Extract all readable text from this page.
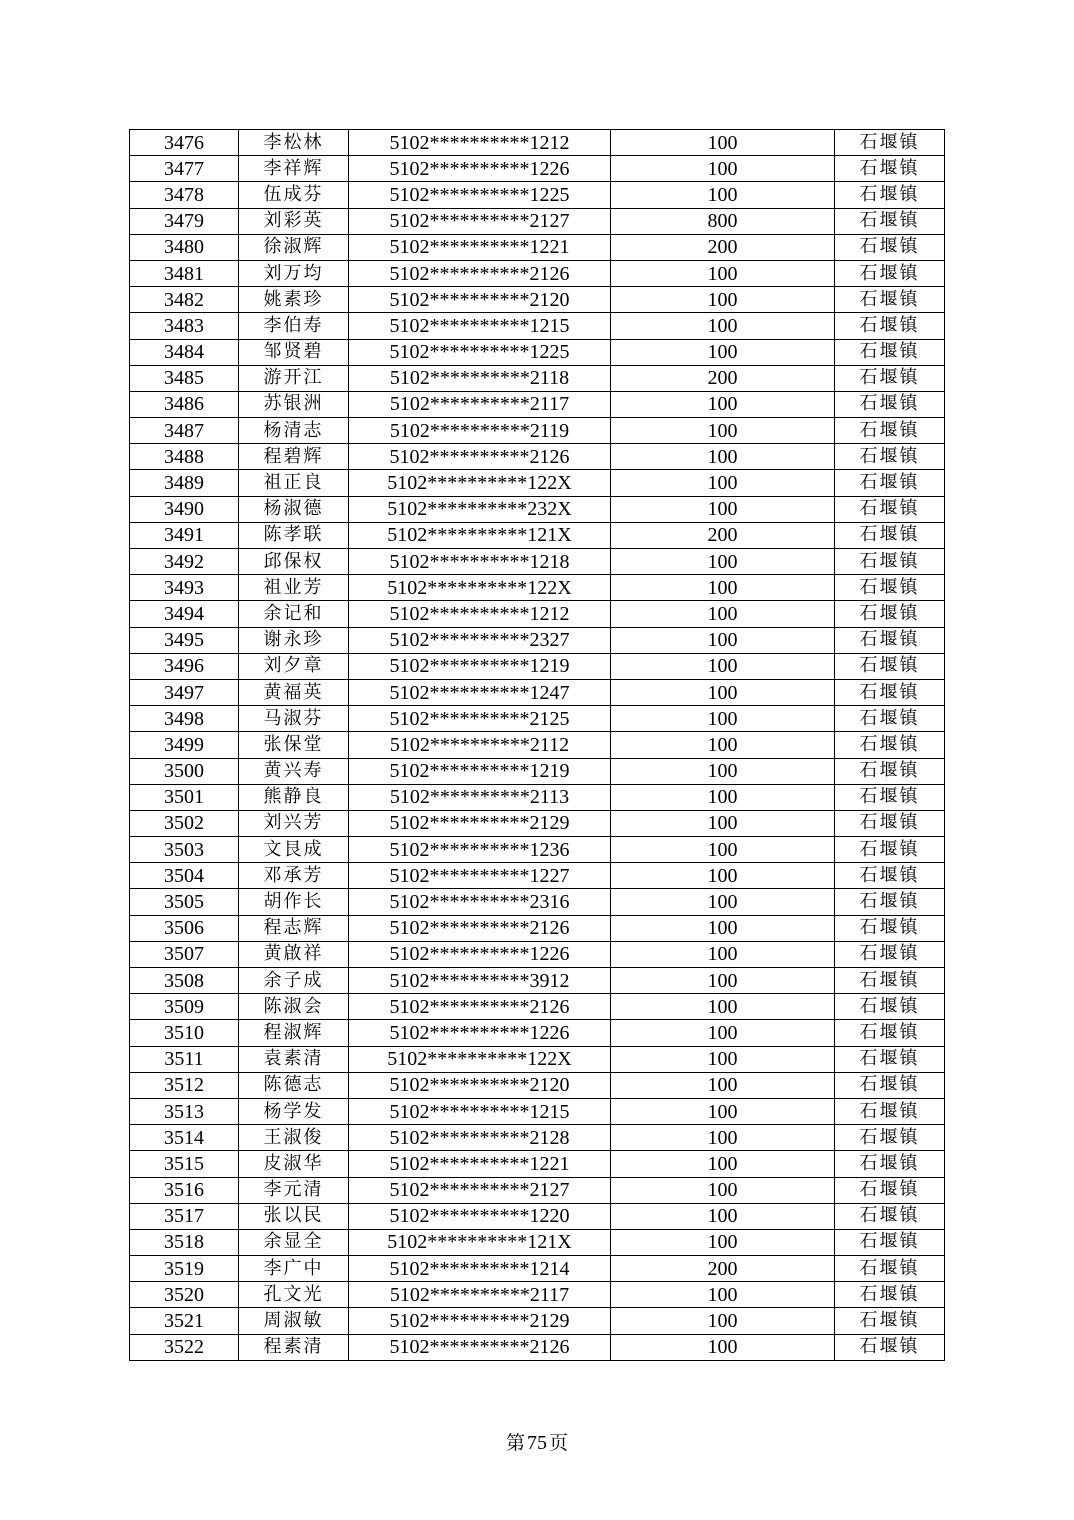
3476	李松林	5102**********1212	100	石堰镇
3477	李祥辉	5102**********1226	100	石堰镇
3478	伍成芬	5102**********1225	100	石堰镇
3479	刘彩英	5102**********2127	800	石堰镇
3480	徐淑辉	5102**********1221	200	石堰镇
3481	刘万均	5102**********2126	100	石堰镇
3482	姚素珍	5102**********2120	100	石堰镇
3483	李伯寿	5102**********1215	100	石堰镇
3484	邹贤碧	5102**********1225	100	石堰镇
3485	游开江	5102**********2118	200	石堰镇
3486	苏银洲	5102**********2117	100	石堰镇
3487	杨清志	5102**********2119	100	石堰镇
3488	程碧辉	5102**********2126	100	石堰镇
3489	祖正良	5102**********122X	100	石堰镇
3490	杨淑德	5102**********232X	100	石堰镇
3491	陈孝联	5102**********121X	200	石堰镇
3492	邱保权	5102**********1218	100	石堰镇
3493	祖业芳	5102**********122X	100	石堰镇
3494	余记和	5102**********1212	100	石堰镇
3495	谢永珍	5102**********2327	100	石堰镇
3496	刘夕章	5102**********1219	100	石堰镇
3497	黄福英	5102**********1247	100	石堰镇
3498	马淑芬	5102**********2125	100	石堰镇
3499	张保堂	5102**********2112	100	石堰镇
3500	黄兴寿	5102**********1219	100	石堰镇
3501	熊静良	5102**********2113	100	石堰镇
3502	刘兴芳	5102**********2129	100	石堰镇
3503	文艮成	5102**********1236	100	石堰镇
3504	邓承芳	5102**********1227	100	石堰镇
3505	胡作长	5102**********2316	100	石堰镇
3506	程志辉	5102**********2126	100	石堰镇
3507	黄啟祥	5102**********1226	100	石堰镇
3508	余子成	5102**********3912	100	石堰镇
3509	陈淑会	5102**********2126	100	石堰镇
3510	程淑辉	5102**********1226	100	石堰镇
3511	袁素清	5102**********122X	100	石堰镇
3512	陈德志	5102**********2120	100	石堰镇
3513	杨学发	5102**********1215	100	石堰镇
3514	王淑俊	5102**********2128	100	石堰镇
3515	皮淑华	5102**********1221	100	石堰镇
3516	李元清	5102**********2127	100	石堰镇
3517	张以民	5102**********1220	100	石堰镇
3518	余显全	5102**********121X	100	石堰镇
3519	李广中	5102**********1214	200	石堰镇
3520	孔文光	5102**********2117	100	石堰镇
3521	周淑敏	5102**********2129	100	石堰镇
3522	程素清	5102**********2126	100	石堰镇
第 75 页
